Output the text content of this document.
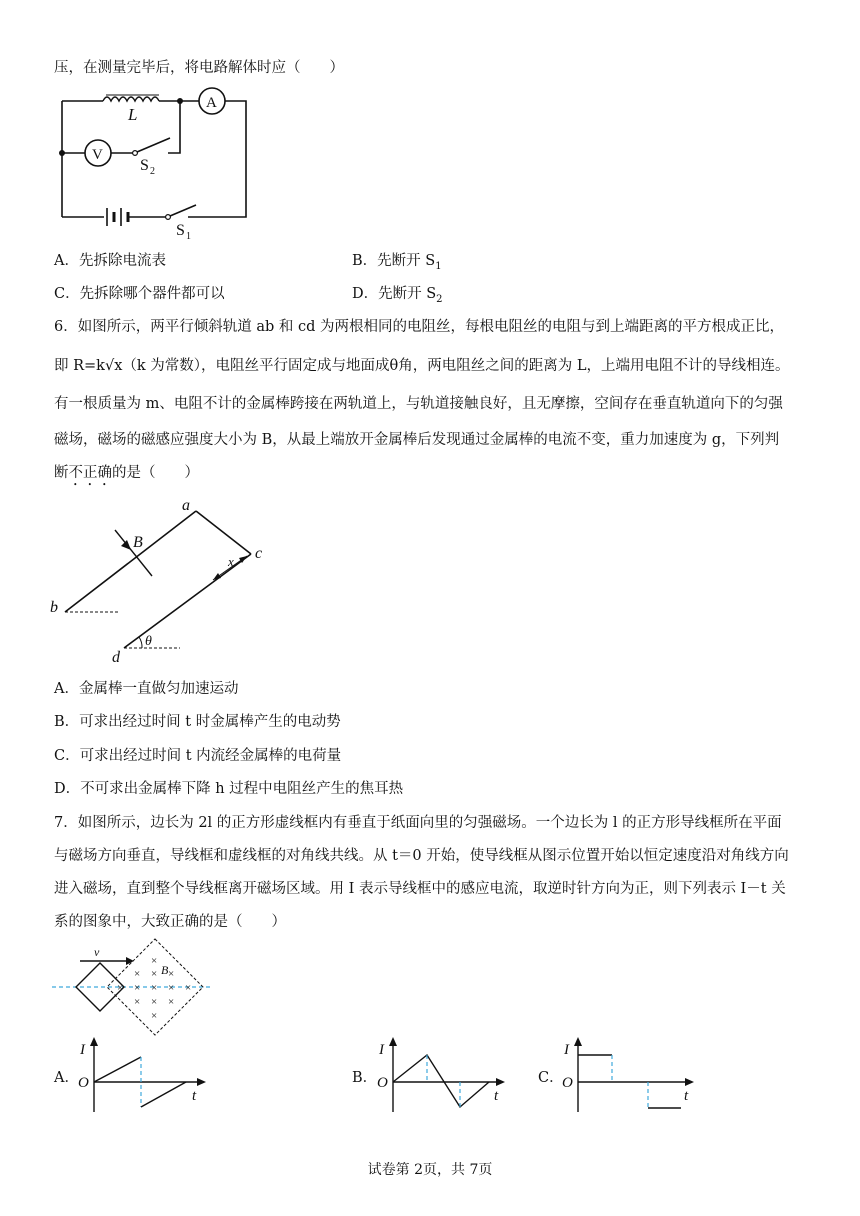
压，在测量完毕后，将电路解体时应（　　）
L
A
V
S 2
S 1
A．先拆除电流表	B．先断开 $S_1$
C．先拆除哪个器件都可以	D．先断开 $S_2$
6．如图所示，两平行倾斜轨道 ab 和 cd 为两根相同的电阻丝，每根电阻丝的电阻与到上端距离的平方根成正比，
即 R=k√x（k 为常数），电阻丝平行固定成与地面成θ角，两电阻丝之间的距离为 L，上端用电阻不计的导线相连。
有一根质量为 m、电阻不计的金属棒跨接在两轨道上，与轨道接触良好，且无摩擦，空间存在垂直轨道向下的匀强
磁场，磁场的磁感应强度大小为 B，从最上端放开金属棒后发现通过金属棒的电流不变，重力加速度为 g，下列判
断不正确的是（　　）
a
b
c
d
B
x
θ
A．金属棒一直做匀加速运动
B．可求出经过时间 t 时金属棒产生的电动势
C．可求出经过时间 t 内流经金属棒的电荷量
D．不可求出金属棒下降 h 过程中电阻丝产生的焦耳热
7．如图所示，边长为 2l 的正方形虚线框内有垂直于纸面向里的匀强磁场。一个边长为 l 的正方形导线框所在平面
与磁场方向垂直，导线框和虚线框的对角线共线。从 t＝0 开始，使导线框从图示位置开始以恒定速度沿对角线方向
进入磁场，直到整个导线框离开磁场区域。用 I 表示导线框中的感应电流，取逆时针方向为正，则下列表示 I－t 关
系的图象中，大致正确的是（　　）
v
×
× × ×
× × × × ×
× × ×
×
B
A．
I
O
t
B．
I
O
t
C．
I
O
t
试卷第 2页，共 7页
